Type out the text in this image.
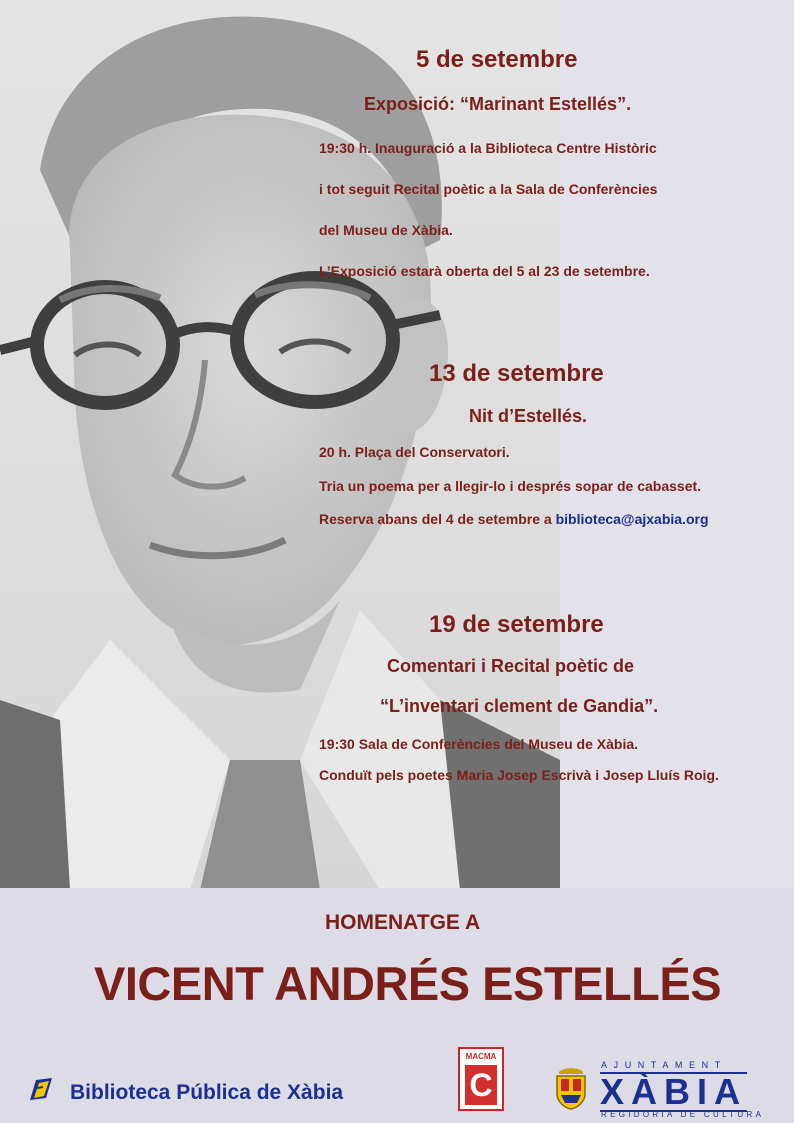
5 de setembre
Exposició: “Marinant Estellés”.
19:30 h. Inauguració a la Biblioteca Centre Històric
i tot seguit Recital poètic a la Sala de Conferències
del Museu de Xàbia.
L’Exposició estarà oberta del 5 al 23 de setembre.
13 de setembre
Nit d’Estellés.
20 h. Plaça del Conservatori.
Tria un poema per a llegir-lo i després sopar de cabasset.
Reserva abans del 4 de setembre a biblioteca@ajxabia.org
19 de setembre
Comentari i Recital poètic de
“L’inventari clement de Gandia”.
19:30 Sala de Conferències del Museu de Xàbia.
Conduït pels poetes Maria Josep Escrivà i Josep Lluís Roig.
HOMENATGE A
VICENT ANDRÉS ESTELLÉS
Biblioteca Pública de Xàbia
MACMA
C
AJUNTAMENT
XÀBIA
REGIDORIA DE CULTURA
